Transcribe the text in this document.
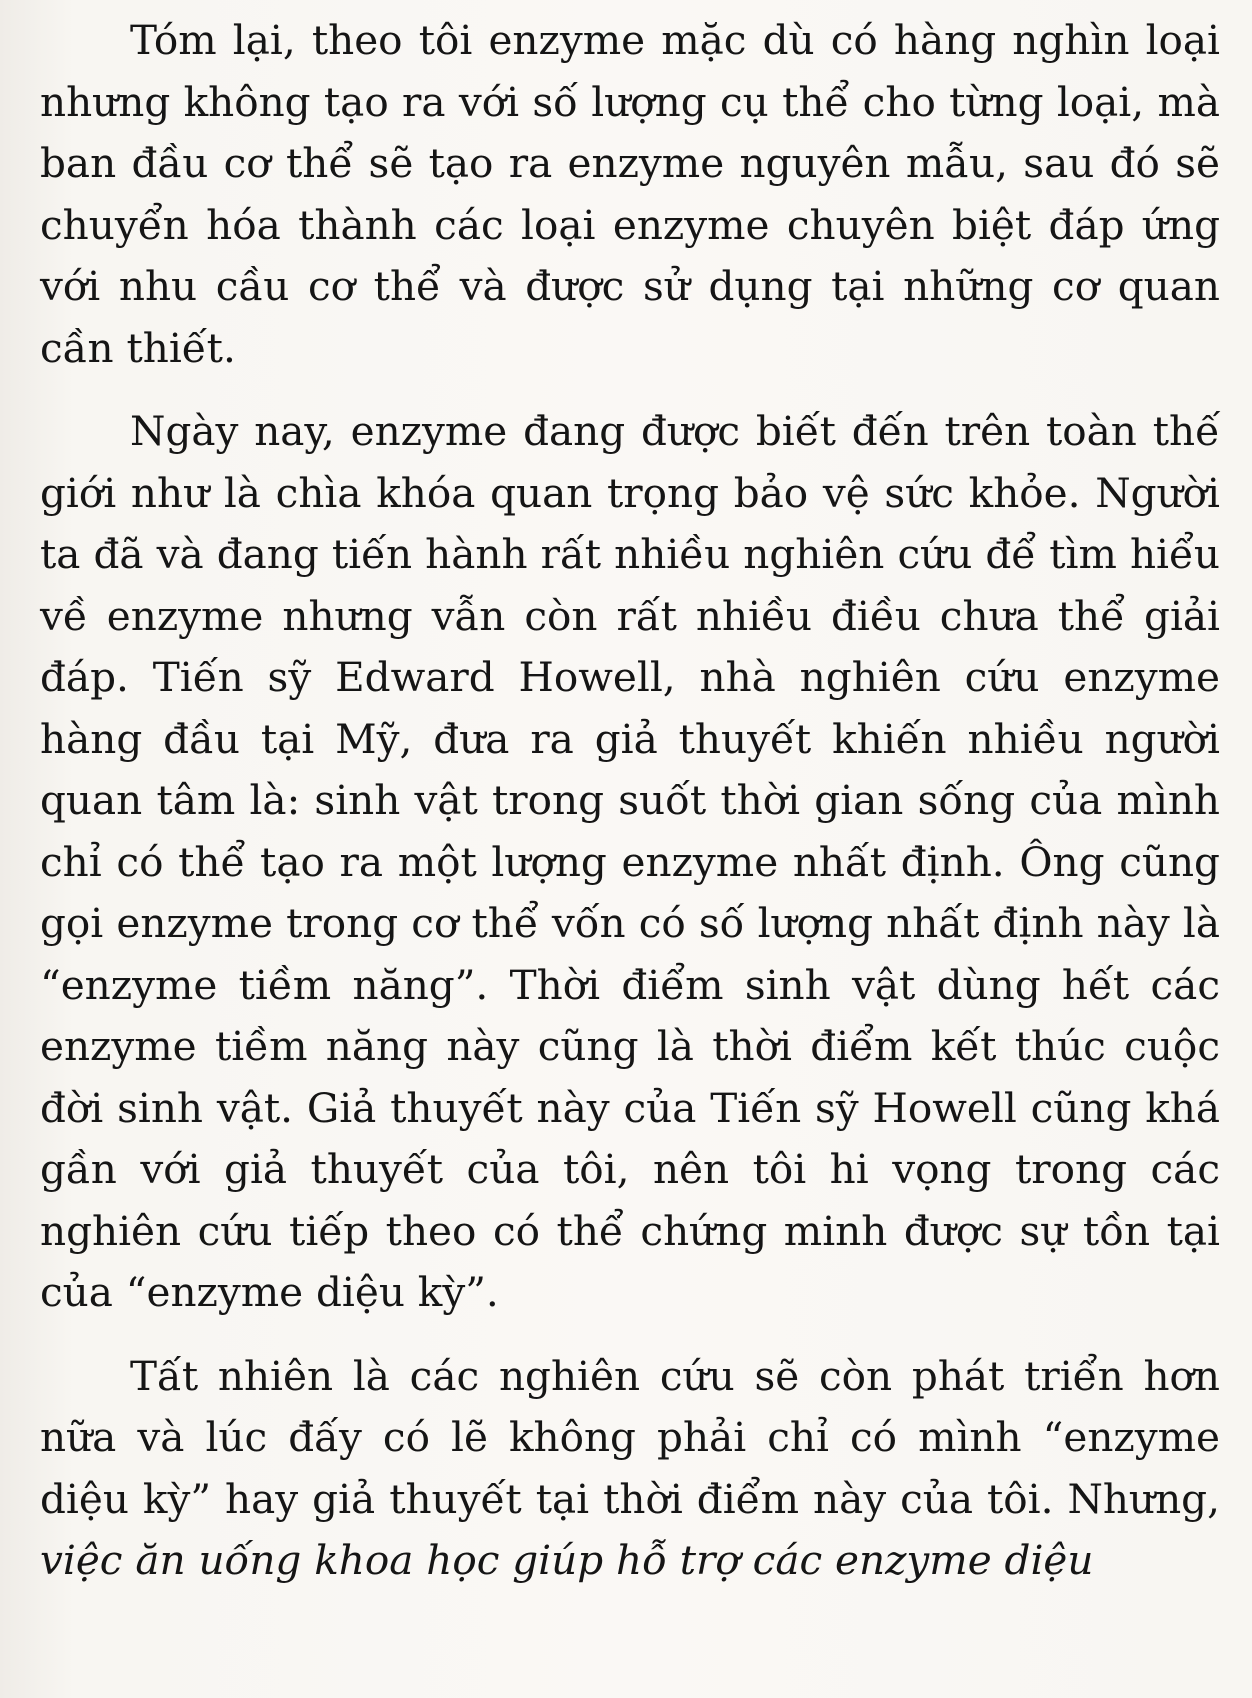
Tóm lại, theo tôi enzyme mặc dù có hàng nghìn loại nhưng không tạo ra với số lượng cụ thể cho từng loại, mà ban đầu cơ thể sẽ tạo ra enzyme nguyên mẫu, sau đó sẽ chuyển hóa thành các loại enzyme chuyên biệt đáp ứng với nhu cầu cơ thể và được sử dụng tại những cơ quan cần thiết.

Ngày nay, enzyme đang được biết đến trên toàn thế giới như là chìa khóa quan trọng bảo vệ sức khỏe. Người ta đã và đang tiến hành rất nhiều nghiên cứu để tìm hiểu về enzyme nhưng vẫn còn rất nhiều điều chưa thể giải đáp. Tiến sỹ Edward Howell, nhà nghiên cứu enzyme hàng đầu tại Mỹ, đưa ra giả thuyết khiến nhiều người quan tâm là: sinh vật trong suốt thời gian sống của mình chỉ có thể tạo ra một lượng enzyme nhất định. Ông cũng gọi enzyme trong cơ thể vốn có số lượng nhất định này là “enzyme tiềm năng”. Thời điểm sinh vật dùng hết các enzyme tiềm năng này cũng là thời điểm kết thúc cuộc đời sinh vật. Giả thuyết này của Tiến sỹ Howell cũng khá gần với giả thuyết của tôi, nên tôi hi vọng trong các nghiên cứu tiếp theo có thể chứng minh được sự tồn tại của “enzyme diệu kỳ”.

Tất nhiên là các nghiên cứu sẽ còn phát triển hơn nữa và lúc đấy có lẽ không phải chỉ có mình “enzyme diệu kỳ” hay giả thuyết tại thời điểm này của tôi. Nhưng, việc ăn uống khoa học giúp hỗ trợ các enzyme diệu
